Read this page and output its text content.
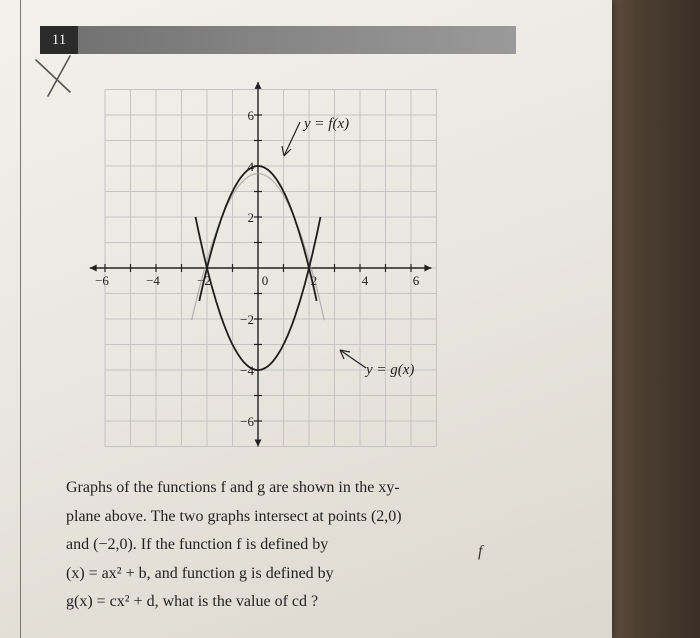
11
−6	−4	−2	0	2	4	6
6
4
2
−2
−4
−6
y = f(x)
y = g(x)
Graphs of the functions f and g are shown in the xy-
plane above. The two graphs intersect at points (2,0)
and (−2,0). If the function f is defined by
(x) = ax² + b, and function g is defined by
g(x) = cx² + d, what is the value of cd ?
f
